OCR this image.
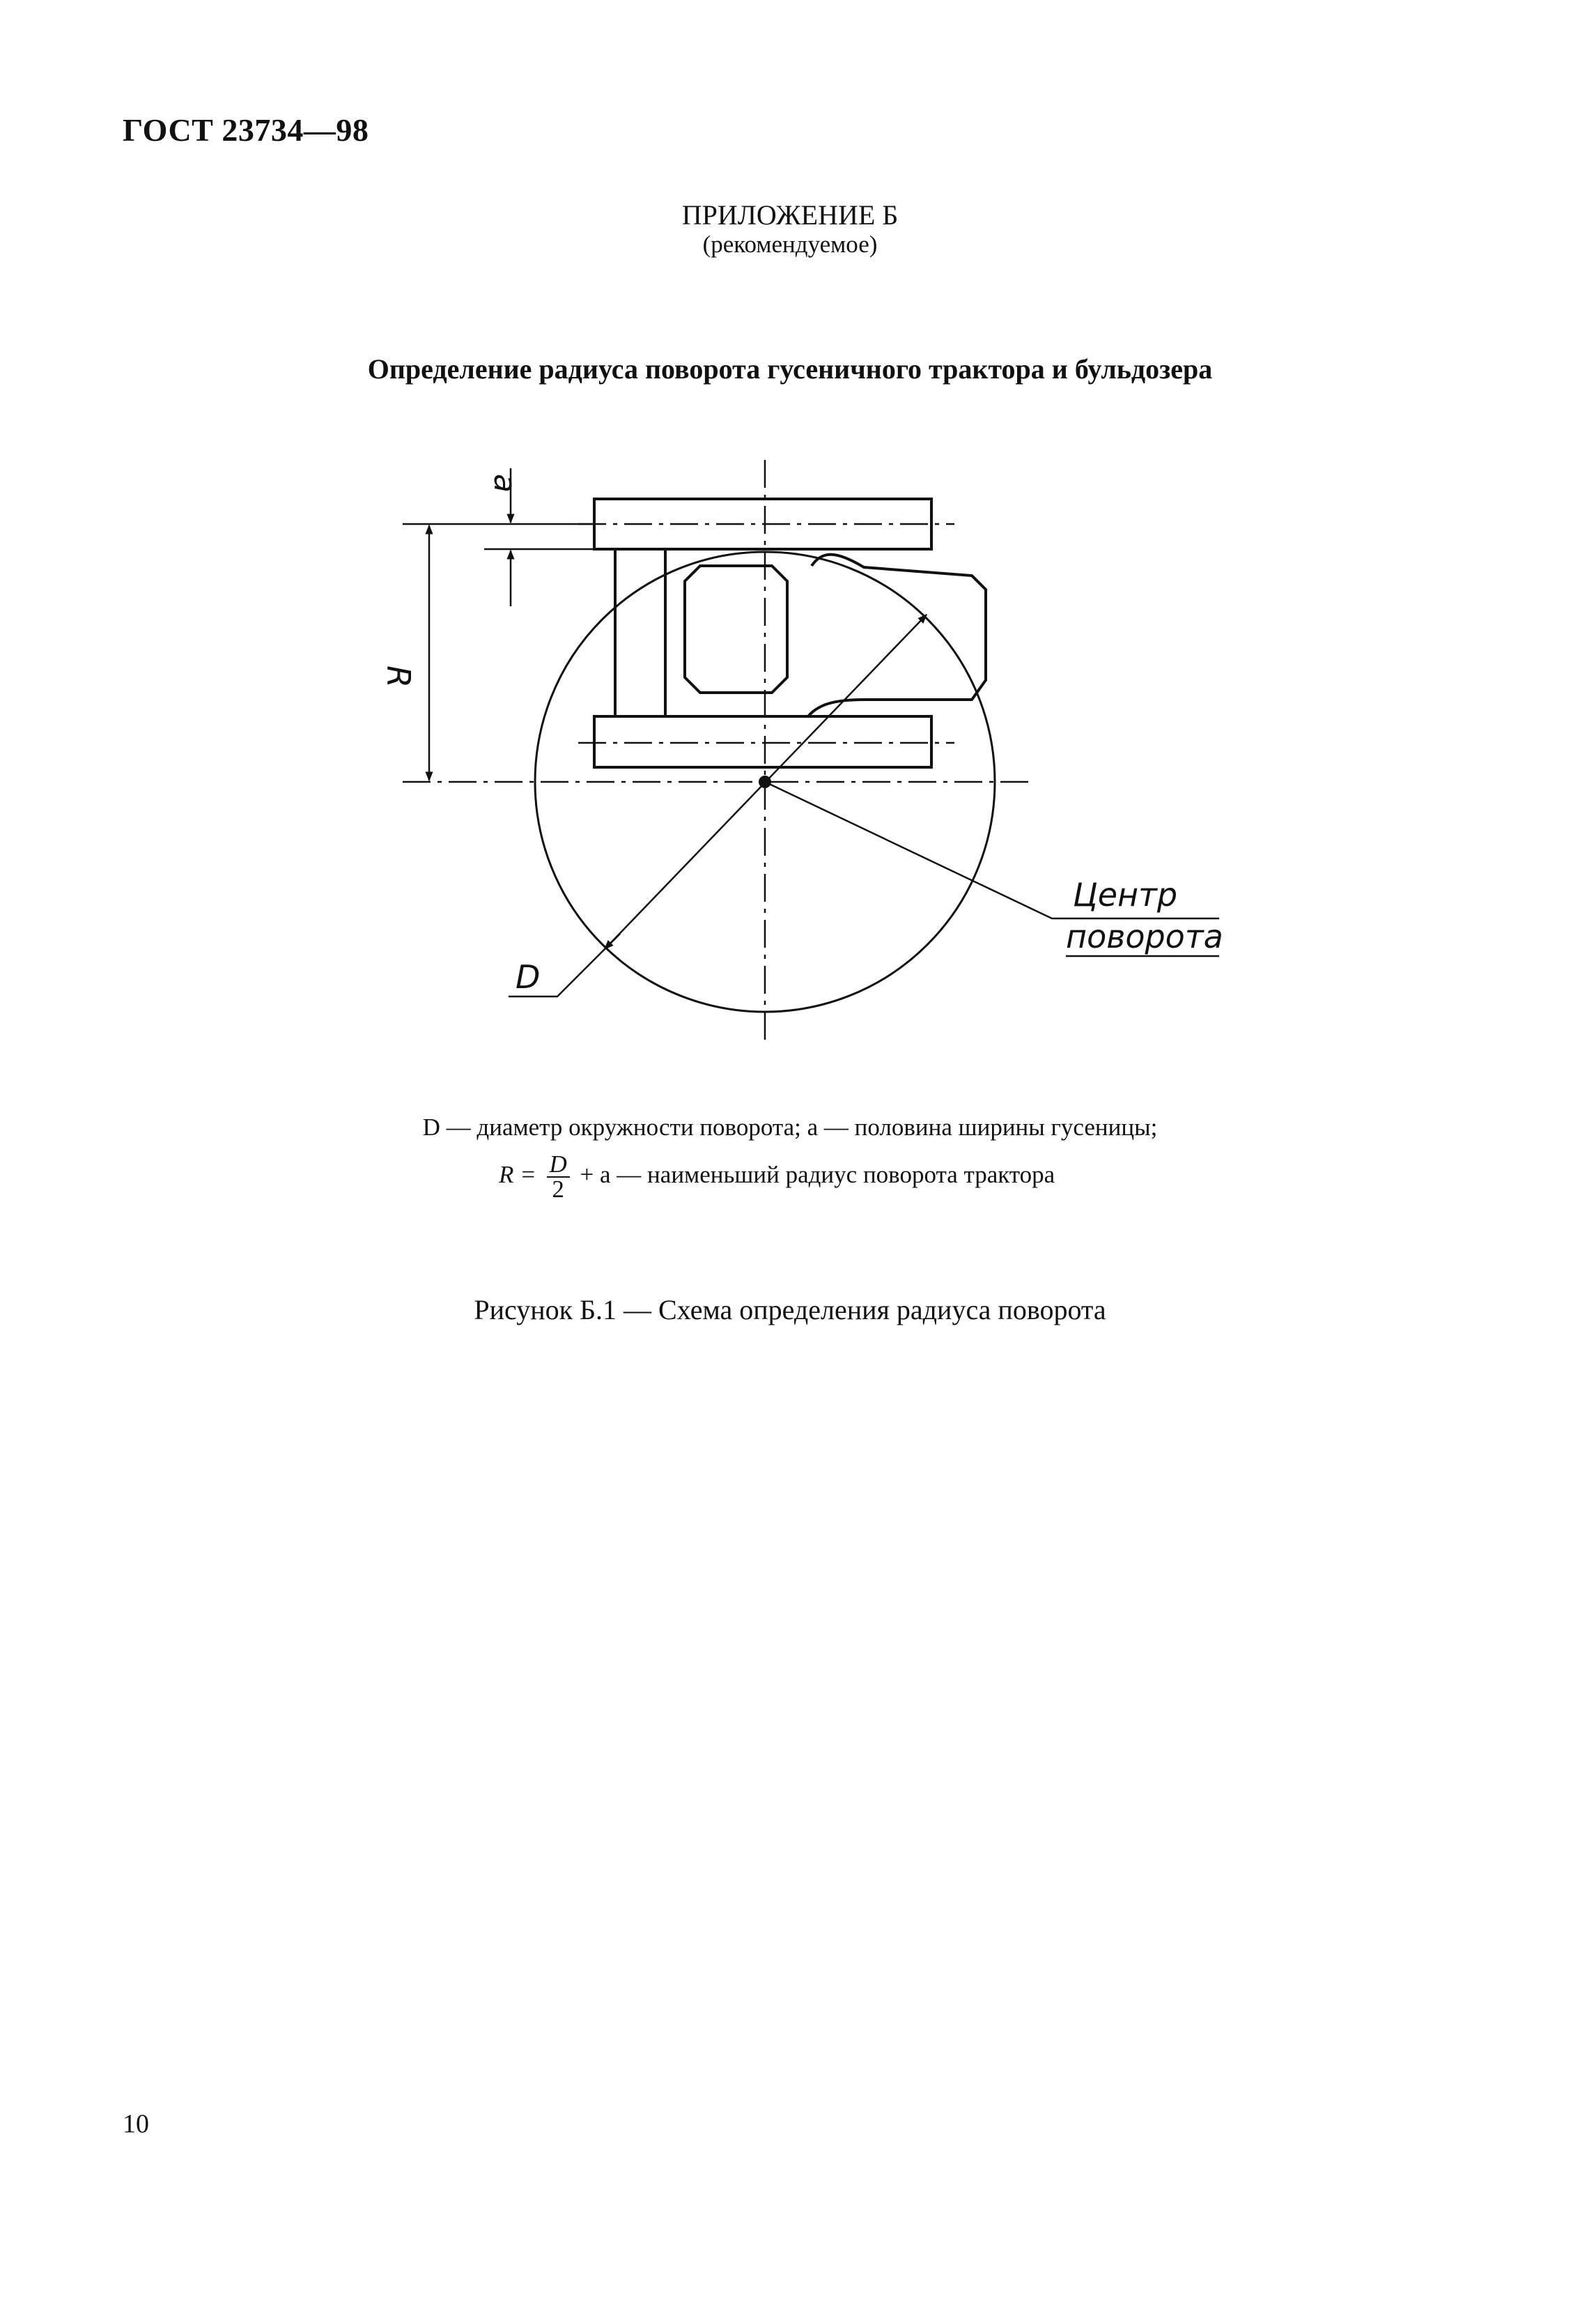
ГОСТ 23734—98
ПРИЛОЖЕНИЕ Б
(рекомендуемое)
Определение радиуса поворота гусеничного трактора и бульдозера
a
R
D
Центр
поворота
D — диаметр окружности поворота; a — половина ширины гусеницы;
$R = \frac{D}{2} + a$ — наименьший радиус поворота трактора
Рисунок Б.1 — Схема определения радиуса поворота
10
